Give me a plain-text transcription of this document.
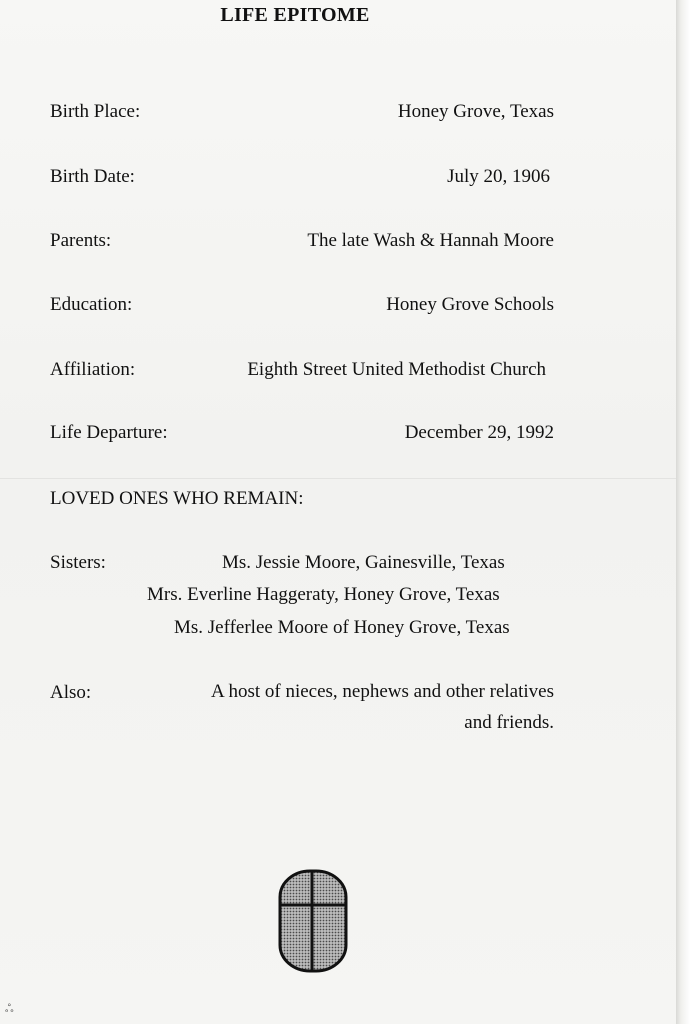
LIFE EPITOME
Birth Place:	Honey Grove, Texas
Birth Date:	July 20, 1906
Parents:	The late Wash & Hannah Moore
Education:	Honey Grove Schools
Affiliation:	Eighth Street United Methodist Church
Life Departure:	December 29, 1992
LOVED ONES WHO REMAIN:
Sisters:	Ms. Jessie Moore, Gainesville, Texas
Mrs. Everline Haggeraty, Honey Grove, Texas
Ms. Jefferlee Moore of Honey Grove, Texas
Also:	A host of nieces, nephews and other relatives
and friends.
ஃ
